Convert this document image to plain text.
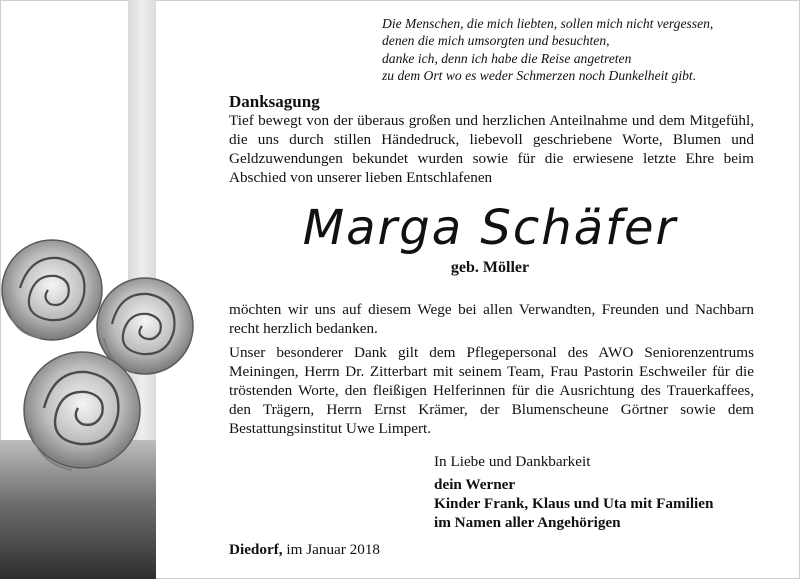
Die Menschen, die mich liebten, sollen mich nicht vergessen,
denen die mich umsorgten und besuchten,
danke ich, denn ich habe die Reise angetreten
zu dem Ort wo es weder Schmerzen noch Dunkelheit gibt.
Danksagung

Tief bewegt von der überaus großen und herzlichen Anteilnahme und dem Mitgefühl, die uns durch stillen Händedruck, liebevoll geschriebene Worte, Blumen und Geldzuwendungen bekundet wurden sowie für die erwiesene letzte Ehre beim Abschied von unserer lieben Entschlafenen

Marga Schäfer
geb. Möller

möchten wir uns auf diesem Wege bei allen Verwandten, Freunden und Nachbarn recht herzlich bedanken.

Unser besonderer Dank gilt dem Pflegepersonal des AWO Seniorenzentrums Meiningen, Herrn Dr. Zitterbart mit seinem Team, Frau Pastorin Eschweiler für die tröstenden Worte, den fleißigen Helferinnen für die Ausrichtung des Trauerkaffees, den Trägern, Herrn Ernst Krämer, der Blumenscheune Görtner sowie dem Bestattungsinstitut Uwe Limpert.

In Liebe und Dankbarkeit
dein Werner
Kinder Frank, Klaus und Uta mit Familien
im Namen aller Angehörigen
Diedorf, im Januar 2018
